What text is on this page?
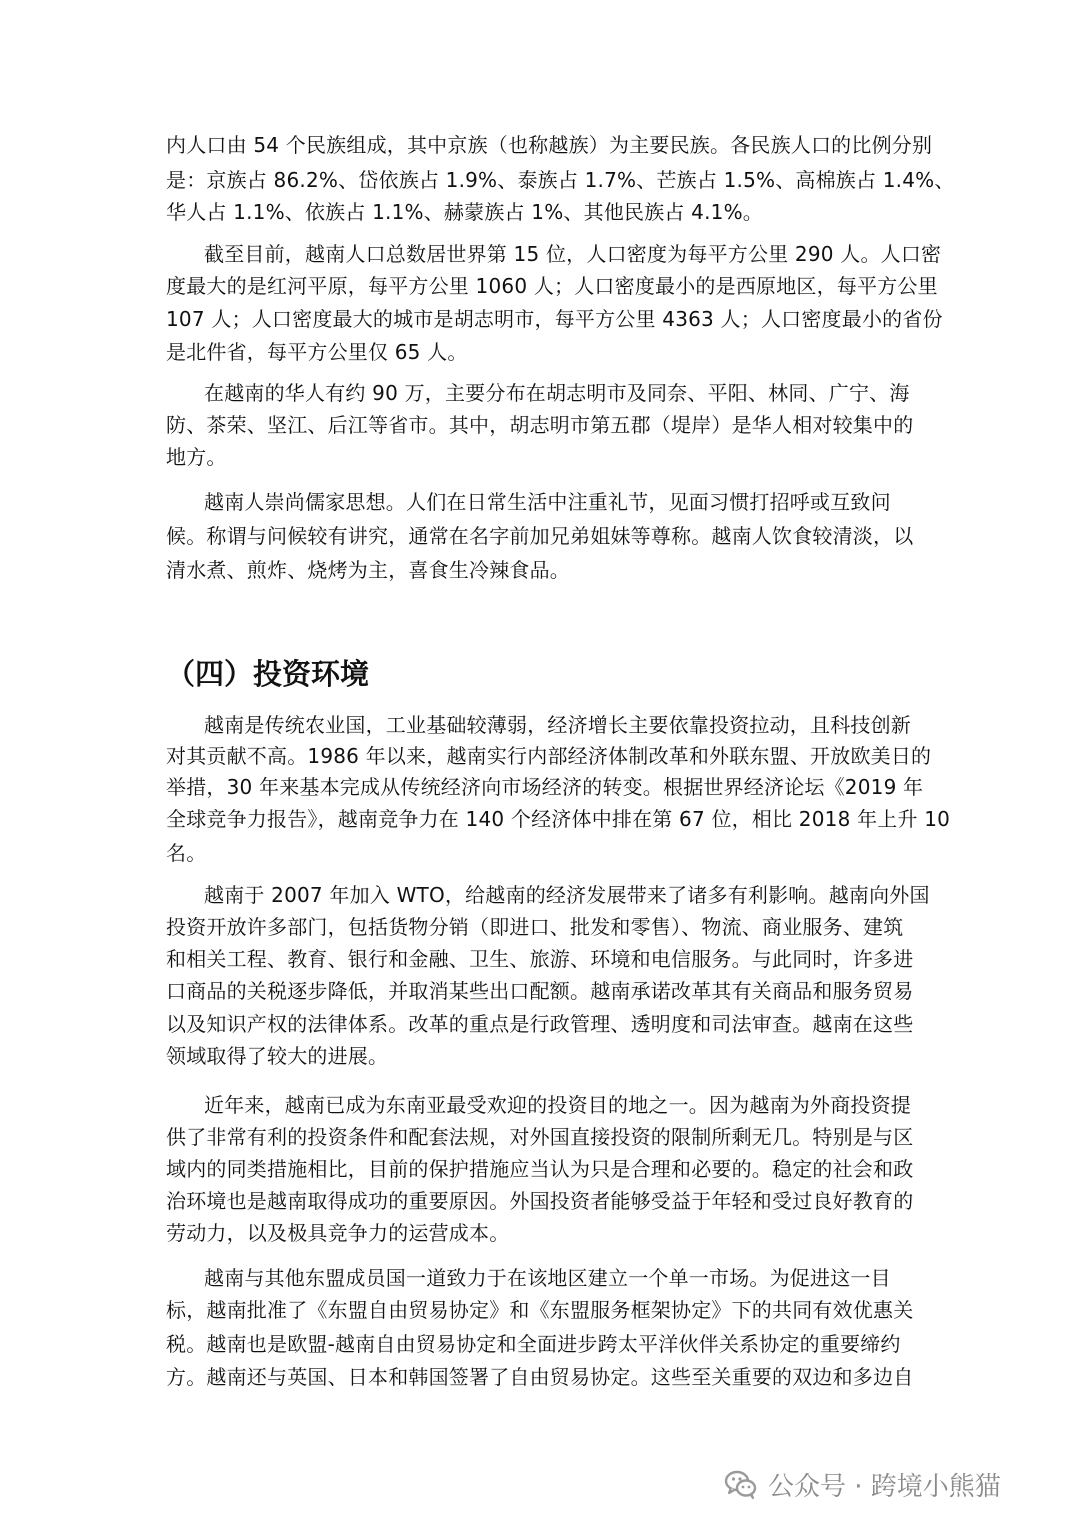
内人口由 54 个民族组成，其中京族（也称越族）为主要民族。各民族人口的比例分别
是：京族占 86.2%、岱依族占 1.9%、泰族占 1.7%、芒族占 1.5%、高棉族占 1.4%、
华人占 1.1%、依族占 1.1%、赫蒙族占 1%、其他民族占 4.1%。
截至目前，越南人口总数居世界第 15 位，人口密度为每平方公里 290 人。人口密
度最大的是红河平原，每平方公里 1060 人；人口密度最小的是西原地区，每平方公里
107 人；人口密度最大的城市是胡志明市，每平方公里 4363 人；人口密度最小的省份
是北件省，每平方公里仅 65 人。
在越南的华人有约 90 万，主要分布在胡志明市及同奈、平阳、林同、广宁、海
防、茶荣、坚江、后江等省市。其中，胡志明市第五郡（堤岸）是华人相对较集中的
地方。
越南人崇尚儒家思想。人们在日常生活中注重礼节，见面习惯打招呼或互致问
候。称谓与问候较有讲究，通常在名字前加兄弟姐妹等尊称。越南人饮食较清淡，以
清水煮、煎炸、烧烤为主，喜食生冷辣食品。
（四）投资环境
越南是传统农业国，工业基础较薄弱，经济增长主要依靠投资拉动，且科技创新
对其贡献不高。1986 年以来，越南实行内部经济体制改革和外联东盟、开放欧美日的
举措，30 年来基本完成从传统经济向市场经济的转变。根据世界经济论坛《2019 年
全球竞争力报告》，越南竞争力在 140 个经济体中排在第 67 位，相比 2018 年上升 10
名。
越南于 2007 年加入 WTO，给越南的经济发展带来了诸多有利影响。越南向外国
投资开放许多部门，包括货物分销（即进口、批发和零售）、物流、商业服务、建筑
和相关工程、教育、银行和金融、卫生、旅游、环境和电信服务。与此同时，许多进
口商品的关税逐步降低，并取消某些出口配额。越南承诺改革其有关商品和服务贸易
以及知识产权的法律体系。改革的重点是行政管理、透明度和司法审查。越南在这些
领域取得了较大的进展。
近年来，越南已成为东南亚最受欢迎的投资目的地之一。因为越南为外商投资提
供了非常有利的投资条件和配套法规，对外国直接投资的限制所剩无几。特别是与区
域内的同类措施相比，目前的保护措施应当认为只是合理和必要的。稳定的社会和政
治环境也是越南取得成功的重要原因。外国投资者能够受益于年轻和受过良好教育的
劳动力，以及极具竞争力的运营成本。
越南与其他东盟成员国一道致力于在该地区建立一个单一市场。为促进这一目
标，越南批准了《东盟自由贸易协定》和《东盟服务框架协定》下的共同有效优惠关
税。越南也是欧盟-越南自由贸易协定和全面进步跨太平洋伙伴关系协定的重要缔约
方。越南还与英国、日本和韩国签署了自由贸易协定。这些至关重要的双边和多边自
公众号 · 跨境小熊猫
